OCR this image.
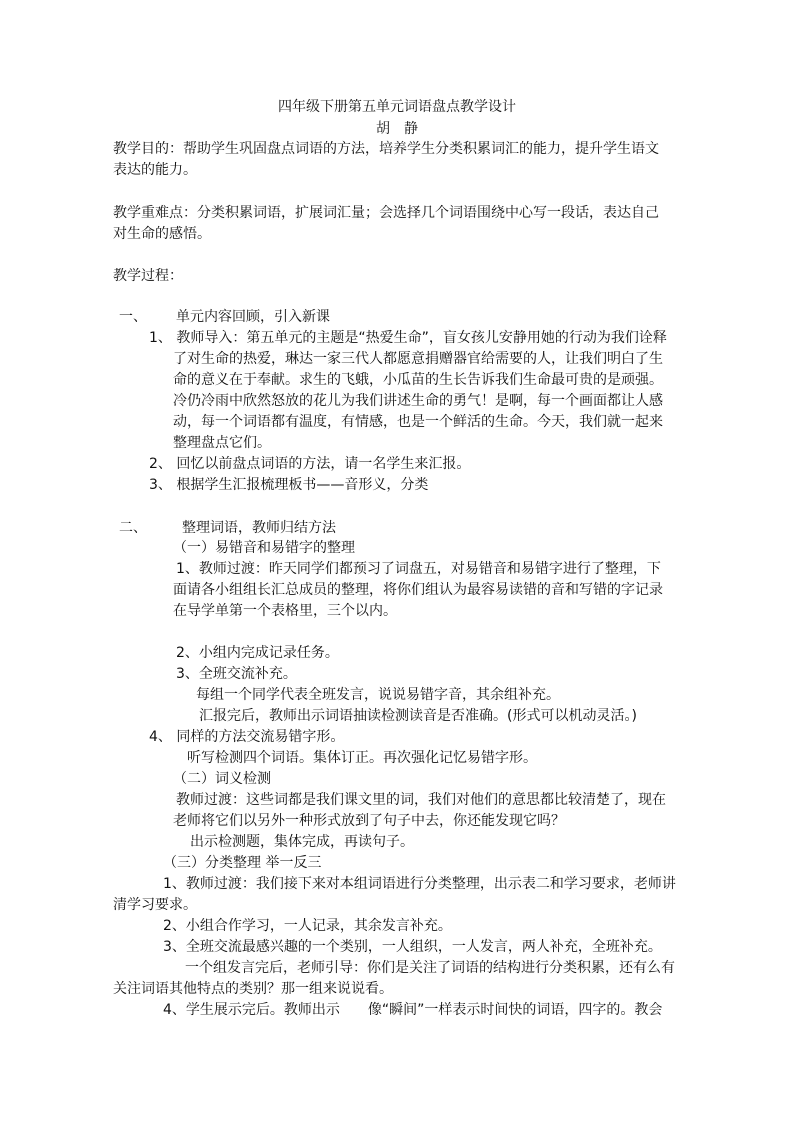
四年级下册第五单元词语盘点教学设计
胡　静
教学目的：帮助学生巩固盘点词语的方法，培养学生分类积累词汇的能力，提升学生语文
表达的能力。
教学重难点：分类积累词语，扩展词汇量；会选择几个词语围绕中心写一段话，表达自己
对生命的感悟。
教学过程：
一、 单元内容回顾，引入新课
1、 教师导入：第五单元的主题是“热爱生命”，盲女孩儿安静用她的行动为我们诠释
了对生命的热爱，琳达一家三代人都愿意捐赠器官给需要的人，让我们明白了生
命的意义在于奉献。求生的飞蛾，小瓜苗的生长告诉我们生命最可贵的是顽强。
冷仍冷雨中欣然怒放的花儿为我们讲述生命的勇气！是啊，每一个画面都让人感
动，每一个词语都有温度，有情感，也是一个鲜活的生命。今天，我们就一起来
整理盘点它们。
2、 回忆以前盘点词语的方法，请一名学生来汇报。
3、 根据学生汇报梳理板书——音形义，分类
二、	整理词语，教师归结方法
（一）易错音和易错字的整理
1、教师过渡：昨天同学们都预习了词盘五，对易错音和易错字进行了整理，下
面请各小组组长汇总成员的整理，将你们组认为最容易读错的音和写错的字记录
在导学单第一个表格里，三个以内。
2、小组内完成记录任务。
3、全班交流补充。
每组一个同学代表全班发言，说说易错字音，其余组补充。
汇报完后，教师出示词语抽读检测读音是否准确。(形式可以机动灵活。)
4、 同样的方法交流易错字形。
听写检测四个词语。集体订正。再次强化记忆易错字形。
（二）词义检测
教师过渡：这些词都是我们课文里的词，我们对他们的意思都比较清楚了，现在
老师将它们以另外一种形式放到了句子中去，你还能发现它吗？
出示检测题，集体完成，再读句子。
（三）分类整理 举一反三
1、教师过渡：我们接下来对本组词语进行分类整理，出示表二和学习要求，老师讲
清学习要求。
2、小组合作学习，一人记录，其余发言补充。
3、全班交流最感兴趣的一个类别，一人组织，一人发言，两人补充，全班补充。
一个组发言完后，老师引导：你们是关注了词语的结构进行分类积累，还有么有
关注词语其他特点的类别？那一组来说说看。
4、学生展示完后。教师出示　　像“瞬间”一样表示时间快的词语，四字的。教会
